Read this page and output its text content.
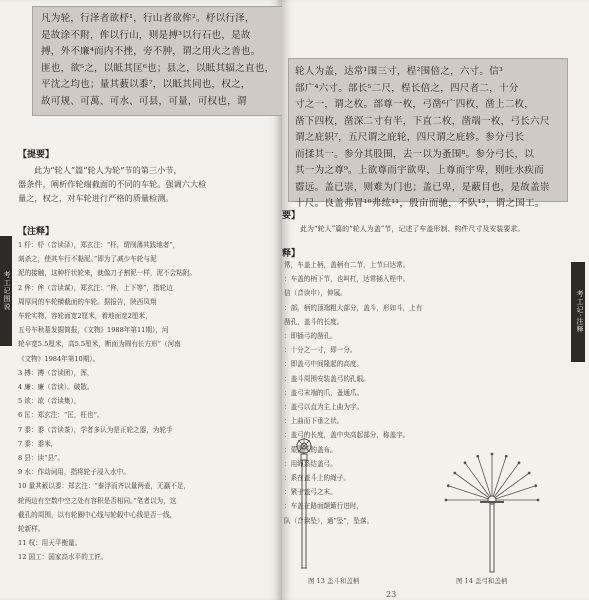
凡为轮，行泽者欲杼¹，行山者欲侔²。杼以行泽，

是故涂不附，侔以行山，则是搏³以行石也，是故

搏，外不廉⁴而内不挫，旁不肿，谓之用火之善也。

匪也，欲⁵之，以眡其匡⁶也；县之，以眡其辐之直也，

平沈之均也；量其薮以黍⁷，以眡其同也，权之，

故可规、可萬、可水、可县，可量，可权也，谓

【提要】

此为“轮人”篇“轮人为轮”节的第三小节，

器条件，阐析作轮端截面的不同的车轮。强调六大检

量之，权之，对车轮进行严格的质量检测。

【注释】
1 杼：杼（音读泽），郑玄注：“杼，谓削薄其践地者”，
剡杀之，使其车行不黏泥。”即为了减少车轮与泥
泥的接触，这种杼状轮来，就像刀子割泥一样，泥不会粘附。
2 侔：侔（音读谋），郑玄注：“侔，上下等”，指轮边
周厚同的车轮横截面的车轮。据报告，陕西凤翔
车轮实物，容轮面宽2厘米，着地面宽2厘米，
五号车秋墓发掘简报，《文物》1988年第11期），河
轮卒宽5.5厘米，高5.5厘米，断面为圆有长方形”（河南
《文物》1984年第10期）。
3 搏：搏（音读团），浑，
4 廉：廉（音读）。破散。
5 欲：欲（音读集），
6 匡：郑玄注：“匡，枉也”。
7 黍：黍（音读茶），学者多认为是正轮之器，为轮手
7 黍：黍米，
8 县：读“县”。
9 水：作动词用，指将轮子浸入水中。
10 量其薮以黍：郑玄注：“泰浮而齐以量两壶，无赢不足，
轮两边有空数中空之处有容积是否相同。”笔者以为，这
截孔的周围，以有轮圈中心线与轮毂中心线是否一线，
轮新样。
11 权：用天平衡量。
12 国工：国家高水平的工匠。
考工记图说

轮人为盖，达常¹围三寸，桯²围倍之，六寸。信³

部广⁴六寸。部长⁵二尺，桯长倍之，四尺者二，十分

寸之一，谓之枚。部尊一枚，弓凿⁶广四枚，凿上二枚，

凿下四枚，凿深二寸有半，下直二枚，凿端一枚，弓长六尺

谓之庇轵⁷，五尺谓之庇轮，四尺谓之庇轸。参分弓长

而揉其一。参分其股围，去一以为蚤围⁸。参分弓长，以

其一为之尊⁹。上欲尊而宇欲卑，上尊而宇卑，则吐水疾而

霤远。盖已崇，则难为门也；盖已卑，是蔽目也，是故盖崇

十尺。良盖弗冒¹⁰弗纮¹¹，殷亩而驰，不队¹²，谓之国工。

要】

此为“轮人”篇的“轮人为盖”节，记述了车盖形制、构件尺寸及安装要求。

释】
常，车盖上柄，盖柄有二节，上节曰达常。
：车盖的柄下节，也叫杠，达常插入桯中。
信（音读申），伸展。
：部，柄的顶端粗大部分，盖斗，形如斗，上有
凿孔，盖斗的长度。
：即插弓的凿孔。
：十分之一寸，即一分。
：即盖弓中间隆起的高度。
：盖斗周围安装盖弓的孔眼。
：盖弓末端的爪，蚤通爪。
：盖弓以直为主上曲为宇。
：上曲而下垂之状。
：盖弓的长度，盖中央高起部分，称盖宇。
：蒙盖斗的盖布。
：用绳系结盖弓。
：系在盖斗上的绳子。
：紧于盖弓之末。
：车盖在路面颠簸行进时，
队（音读坠），通“坠”，坠落。
考工记·注释
图 13 盖斗和盖柄	图 14 盖弓和盖柄
23
